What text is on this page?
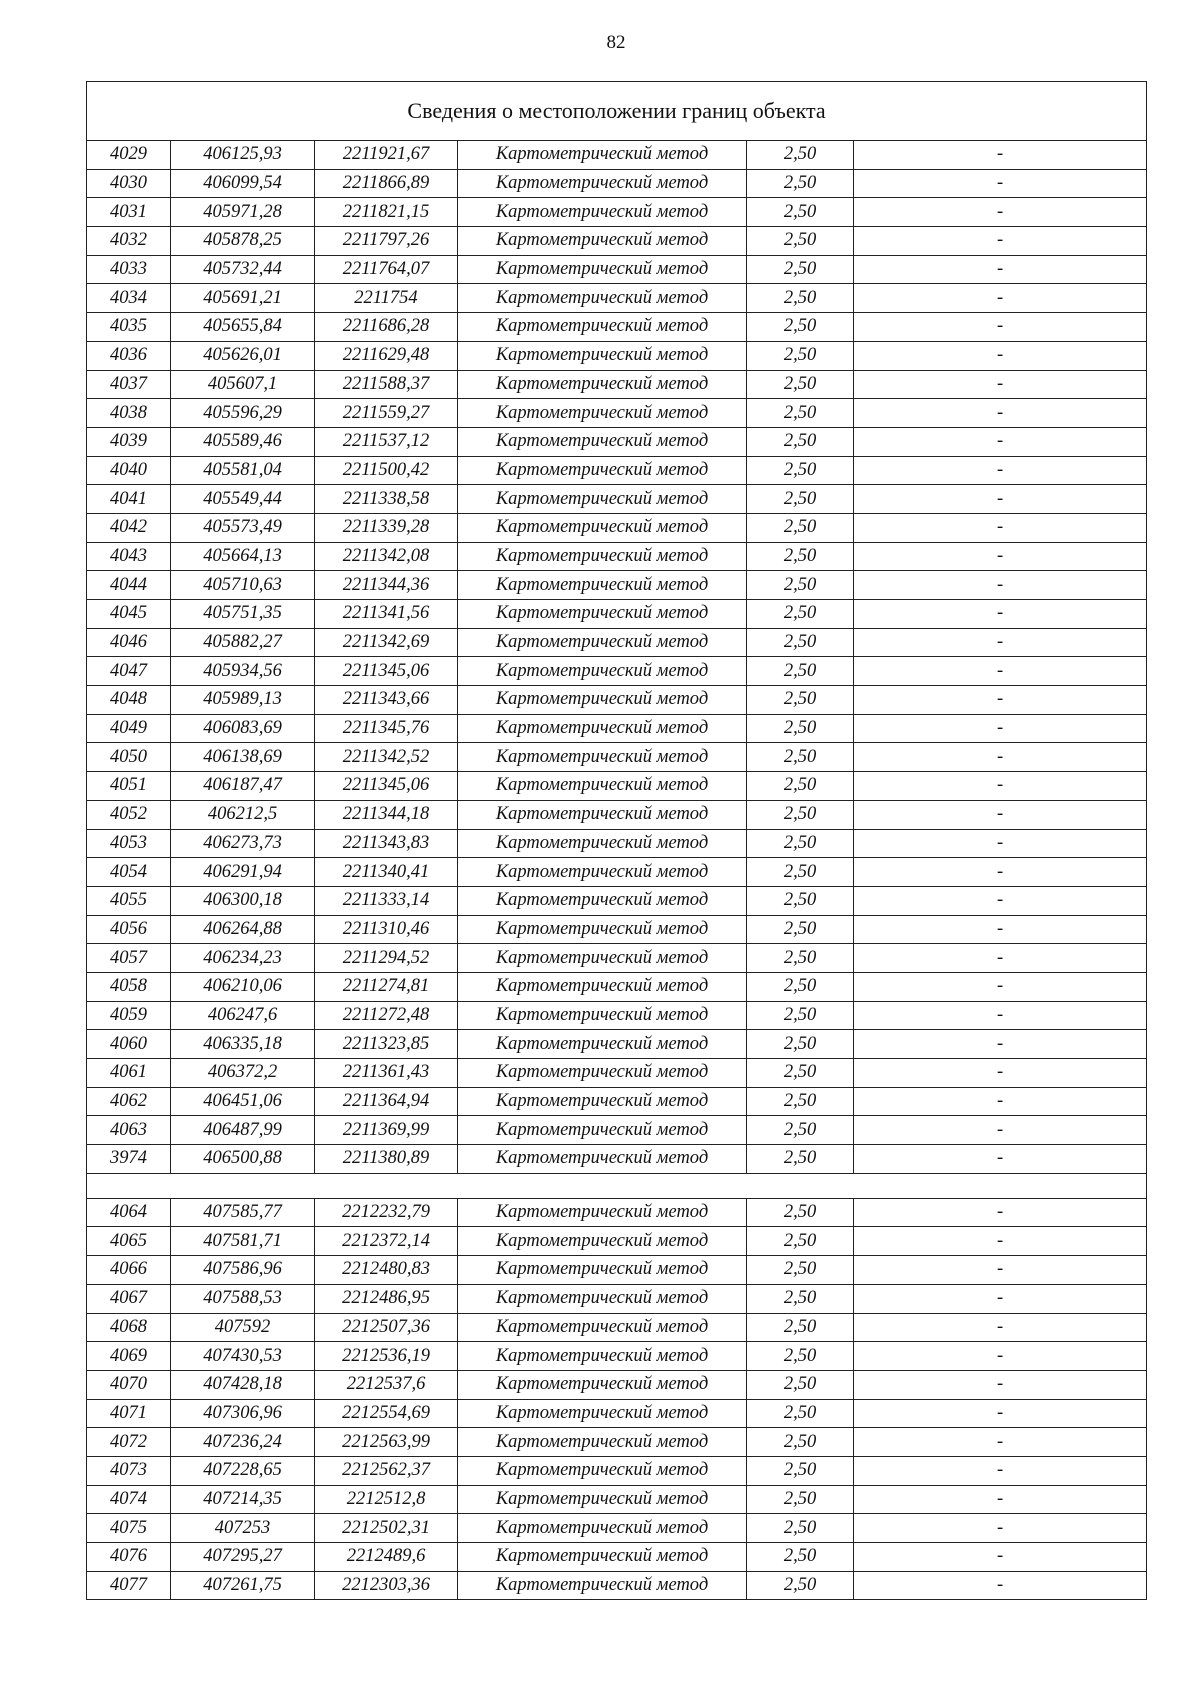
82
Сведения о местоположении границ объекта					
4029	406125,93	2211921,67	Картометрический метод	2,50	-
4030	406099,54	2211866,89	Картометрический метод	2,50	-
4031	405971,28	2211821,15	Картометрический метод	2,50	-
4032	405878,25	2211797,26	Картометрический метод	2,50	-
4033	405732,44	2211764,07	Картометрический метод	2,50	-
4034	405691,21	2211754	Картометрический метод	2,50	-
4035	405655,84	2211686,28	Картометрический метод	2,50	-
4036	405626,01	2211629,48	Картометрический метод	2,50	-
4037	405607,1	2211588,37	Картометрический метод	2,50	-
4038	405596,29	2211559,27	Картометрический метод	2,50	-
4039	405589,46	2211537,12	Картометрический метод	2,50	-
4040	405581,04	2211500,42	Картометрический метод	2,50	-
4041	405549,44	2211338,58	Картометрический метод	2,50	-
4042	405573,49	2211339,28	Картометрический метод	2,50	-
4043	405664,13	2211342,08	Картометрический метод	2,50	-
4044	405710,63	2211344,36	Картометрический метод	2,50	-
4045	405751,35	2211341,56	Картометрический метод	2,50	-
4046	405882,27	2211342,69	Картометрический метод	2,50	-
4047	405934,56	2211345,06	Картометрический метод	2,50	-
4048	405989,13	2211343,66	Картометрический метод	2,50	-
4049	406083,69	2211345,76	Картометрический метод	2,50	-
4050	406138,69	2211342,52	Картометрический метод	2,50	-
4051	406187,47	2211345,06	Картометрический метод	2,50	-
4052	406212,5	2211344,18	Картометрический метод	2,50	-
4053	406273,73	2211343,83	Картометрический метод	2,50	-
4054	406291,94	2211340,41	Картометрический метод	2,50	-
4055	406300,18	2211333,14	Картометрический метод	2,50	-
4056	406264,88	2211310,46	Картометрический метод	2,50	-
4057	406234,23	2211294,52	Картометрический метод	2,50	-
4058	406210,06	2211274,81	Картометрический метод	2,50	-
4059	406247,6	2211272,48	Картометрический метод	2,50	-
4060	406335,18	2211323,85	Картометрический метод	2,50	-
4061	406372,2	2211361,43	Картометрический метод	2,50	-
4062	406451,06	2211364,94	Картометрический метод	2,50	-
4063	406487,99	2211369,99	Картометрический метод	2,50	-
3974	406500,88	2211380,89	Картометрический метод	2,50	-

4064	407585,77	2212232,79	Картометрический метод	2,50	-
4065	407581,71	2212372,14	Картометрический метод	2,50	-
4066	407586,96	2212480,83	Картометрический метод	2,50	-
4067	407588,53	2212486,95	Картометрический метод	2,50	-
4068	407592	2212507,36	Картометрический метод	2,50	-
4069	407430,53	2212536,19	Картометрический метод	2,50	-
4070	407428,18	2212537,6	Картометрический метод	2,50	-
4071	407306,96	2212554,69	Картометрический метод	2,50	-
4072	407236,24	2212563,99	Картометрический метод	2,50	-
4073	407228,65	2212562,37	Картометрический метод	2,50	-
4074	407214,35	2212512,8	Картометрический метод	2,50	-
4075	407253	2212502,31	Картометрический метод	2,50	-
4076	407295,27	2212489,6	Картометрический метод	2,50	-
4077	407261,75	2212303,36	Картометрический метод	2,50	-
